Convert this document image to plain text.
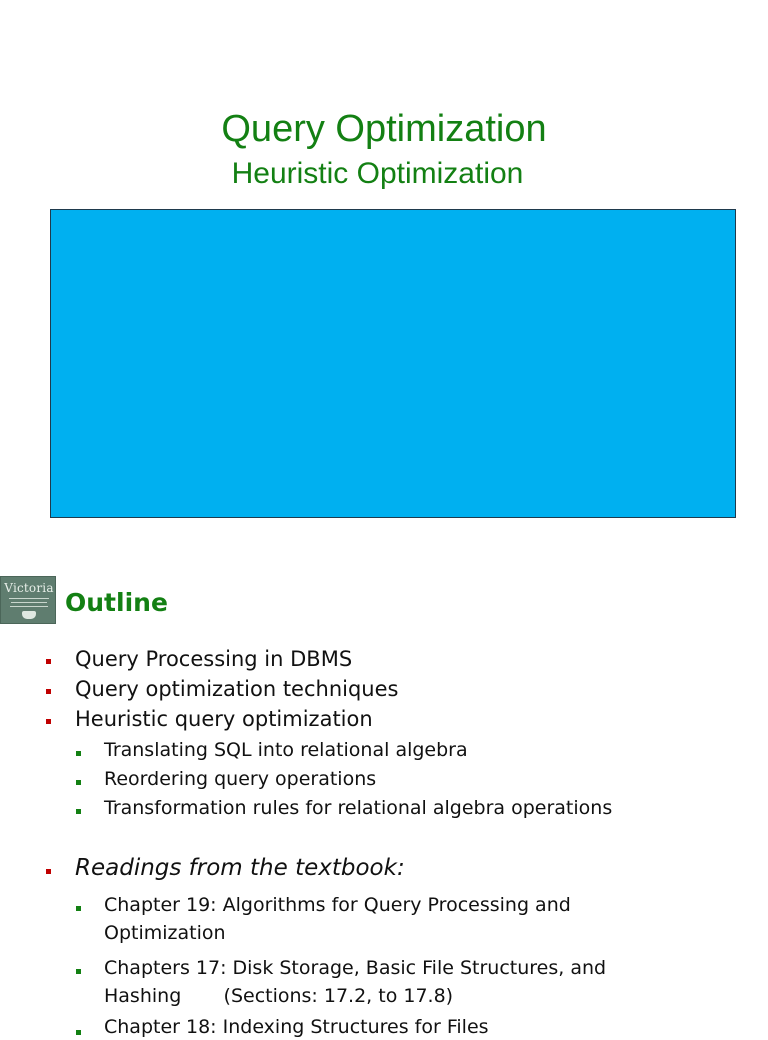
Query Optimization
Heuristic Optimization
Victoria Outline
Query Processing in DBMS
Query optimization techniques
Heuristic query optimization
Translating SQL into relational algebra
Reordering query operations
Transformation rules for relational algebra operations
Readings from the textbook:
Chapter 19: Algorithms for Query Processing and
Optimization
Chapters 17: Disk Storage, Basic File Structures, and
Hashing       (Sections: 17.2, to 17.8)
Chapter 18: Indexing Structures for Files
